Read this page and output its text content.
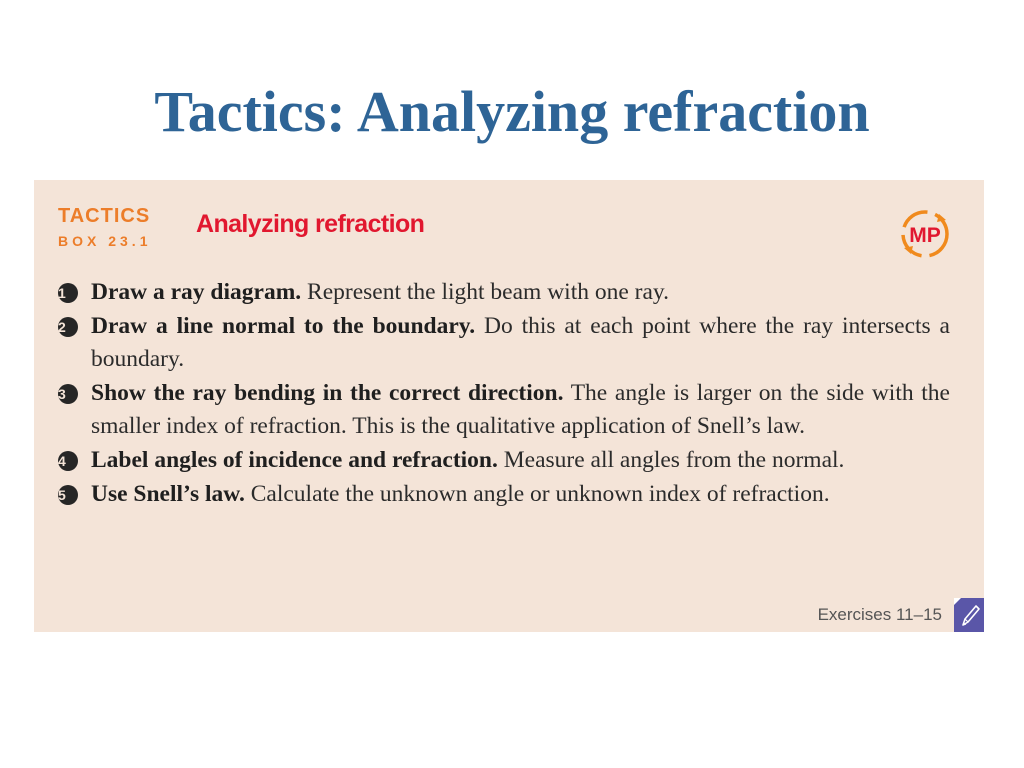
Tactics: Analyzing refraction
TACTICS
BOX 23.1
Analyzing refraction	MP
1	Draw a ray diagram. Represent the light beam with one ray.
2	Draw a line normal to the boundary. Do this at each point where the ray intersects a boundary.
3	Show the ray bending in the correct direction. The angle is larger on the side with the smaller index of refraction. This is the qualitative application of Snell’s law.
4	Label angles of incidence and refraction. Measure all angles from the normal.
5	Use Snell’s law. Calculate the unknown angle or unknown index of refraction.
Exercises 11–15
